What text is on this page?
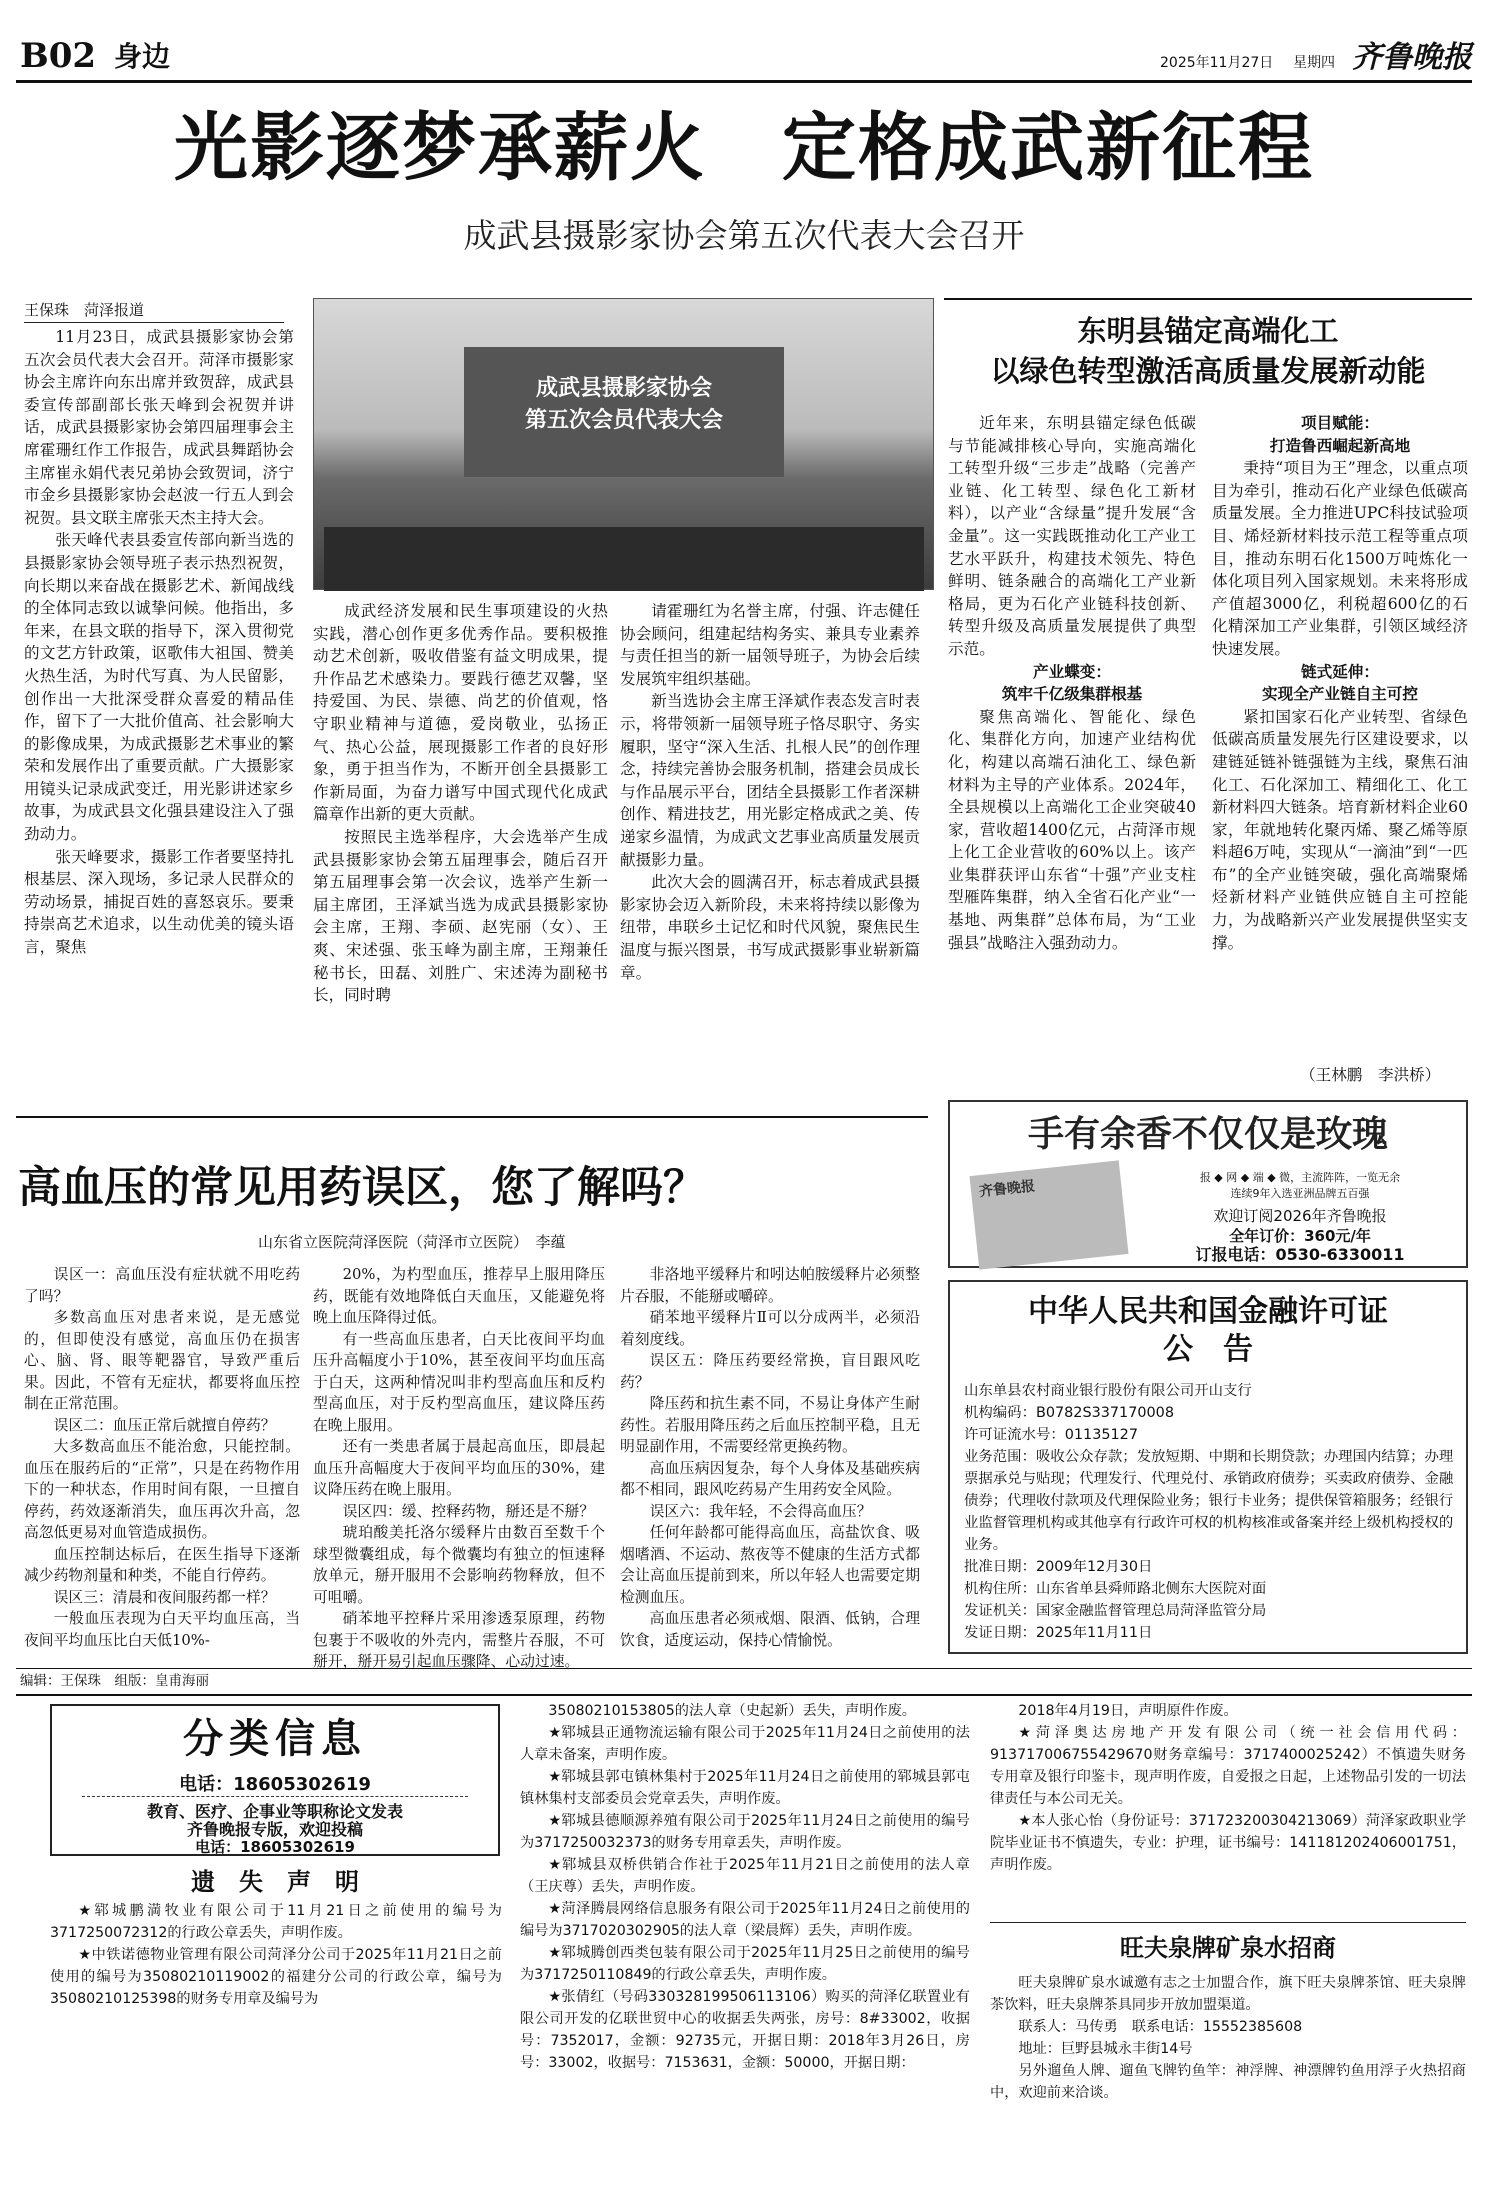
B02 身边	2025年11月27日 星期四 齐鲁晚报
光影逐梦承薪火　定格成武新征程
成武县摄影家协会第五次代表大会召开
王保珠　菏泽报道
成武县摄影家协会
第五次会员代表大会

11月23日，成武县摄影家协会第五次会员代表大会召开。菏泽市摄影家协会主席许向东出席并致贺辞，成武县委宣传部副部长张天峰到会祝贺并讲话，成武县摄影家协会第四届理事会主席霍珊红作工作报告，成武县舞蹈协会主席崔永娟代表兄弟协会致贺词，济宁市金乡县摄影家协会赵波一行五人到会祝贺。县文联主席张天杰主持大会。

张天峰代表县委宣传部向新当选的县摄影家协会领导班子表示热烈祝贺，向长期以来奋战在摄影艺术、新闻战线的全体同志致以诚挚问候。他指出，多年来，在县文联的指导下，深入贯彻党的文艺方针政策，讴歌伟大祖国、赞美火热生活，为时代写真、为人民留影，创作出一大批深受群众喜爱的精品佳作，留下了一大批价值高、社会影响大的影像成果，为成武摄影艺术事业的繁荣和发展作出了重要贡献。广大摄影家用镜头记录成武变迁，用光影讲述家乡故事，为成武县文化强县建设注入了强劲动力。

张天峰要求，摄影工作者要坚持扎根基层、深入现场，多记录人民群众的劳动场景，捕捉百姓的喜怒哀乐。要秉持崇高艺术追求，以生动优美的镜头语言，聚焦

成武经济发展和民生事项建设的火热实践，潜心创作更多优秀作品。要积极推动艺术创新，吸收借鉴有益文明成果，提升作品艺术感染力。要践行德艺双馨，坚持爱国、为民、崇德、尚艺的价值观，恪守职业精神与道德，爱岗敬业，弘扬正气、热心公益，展现摄影工作者的良好形象，勇于担当作为，不断开创全县摄影工作新局面，为奋力谱写中国式现代化成武篇章作出新的更大贡献。

按照民主选举程序，大会选举产生成武县摄影家协会第五届理事会，随后召开第五届理事会第一次会议，选举产生新一届主席团，王泽斌当选为成武县摄影家协会主席，王翔、李硕、赵宪丽（女）、王爽、宋述强、张玉峰为副主席，王翔兼任秘书长，田磊、刘胜广、宋述涛为副秘书长，同时聘

请霍珊红为名誉主席，付强、许志健任协会顾问，组建起结构务实、兼具专业素养与责任担当的新一届领导班子，为协会后续发展筑牢组织基础。

新当选协会主席王泽斌作表态发言时表示，将带领新一届领导班子恪尽职守、务实履职，坚守“深入生活、扎根人民”的创作理念，持续完善协会服务机制，搭建会员成长与作品展示平台，团结全县摄影工作者深耕创作、精进技艺，用光影定格成武之美、传递家乡温情，为成武文艺事业高质量发展贡献摄影力量。

此次大会的圆满召开，标志着成武县摄影家协会迈入新阶段，未来将持续以影像为纽带，串联乡土记忆和时代风貌，聚焦民生温度与振兴图景，书写成武摄影事业崭新篇章。

东明县锚定高端化工
以绿色转型激活高质量发展新动能

近年来，东明县锚定绿色低碳与节能减排核心导向，实施高端化工转型升级“三步走”战略（完善产业链、化工转型、绿色化工新材料），以产业“含绿量”提升发展“含金量”。这一实践既推动化工产业工艺水平跃升，构建技术领先、特色鲜明、链条融合的高端化工产业新格局，更为石化产业链科技创新、转型升级及高质量发展提供了典型示范。

产业蝶变：

筑牢千亿级集群根基

聚焦高端化、智能化、绿色化、集群化方向，加速产业结构优化，构建以高端石油化工、绿色新材料为主导的产业体系。2024年，全县规模以上高端化工企业突破40家，营收超1400亿元，占菏泽市规上化工企业营收的60%以上。该产业集群获评山东省“十强”产业支柱型雁阵集群，纳入全省石化产业“一基地、两集群”总体布局，为“工业强县”战略注入强劲动力。

项目赋能：

打造鲁西崛起新高地

秉持“项目为王”理念，以重点项目为牵引，推动石化产业绿色低碳高质量发展。全力推进UPC科技试验项目、烯烃新材料技示范工程等重点项目，推动东明石化1500万吨炼化一体化项目列入国家规划。未来将形成产值超3000亿，利税超600亿的石化精深加工产业集群，引领区域经济快速发展。

链式延伸：

实现全产业链自主可控

紧扣国家石化产业转型、省绿色低碳高质量发展先行区建设要求，以建链延链补链强链为主线，聚焦石油化工、石化深加工、精细化工、化工新材料四大链条。培育新材料企业60家，年就地转化聚丙烯、聚乙烯等原料超6万吨，实现从“一滴油”到“一匹布”的全产业链突破，强化高端聚烯烃新材料产业链供应链自主可控能力，为战略新兴产业发展提供坚实支撑。

（王林鹏　李洪桥）
手有余香不仅仅是玫瑰
齐鲁晚报
报 ◆ 网 ◆ 端 ◆ 微，主流阵阵，一览无余
连续9年入选亚洲品牌五百强
欢迎订阅2026年齐鲁晚报
全年订价：360元/年
订报电话：0530-6330011
高血压的常见用药误区，您了解吗？
山东省立医院菏泽医院（菏泽市立医院）　李蕴

误区一：高血压没有症状就不用吃药了吗？

多数高血压对患者来说，是无感觉的，但即使没有感觉，高血压仍在损害心、脑、肾、眼等靶器官，导致严重后果。因此，不管有无症状，都要将血压控制在正常范围。

误区二：血压正常后就擅自停药？

大多数高血压不能治愈，只能控制。血压在服药后的“正常”，只是在药物作用下的一种状态，作用时间有限，一旦擅自停药，药效逐渐消失，血压再次升高，忽高忽低更易对血管造成损伤。

血压控制达标后，在医生指导下逐渐减少药物剂量和种类，不能自行停药。

误区三：清晨和夜间服药都一样？

一般血压表现为白天平均血压高，当夜间平均血压比白天低10%-

20%，为杓型血压，推荐早上服用降压药，既能有效地降低白天血压，又能避免将晚上血压降得过低。

有一些高血压患者，白天比夜间平均血压升高幅度小于10%，甚至夜间平均血压高于白天，这两种情况叫非杓型高血压和反杓型高血压，对于反杓型高血压，建议降压药在晚上服用。

还有一类患者属于晨起高血压，即晨起血压升高幅度大于夜间平均血压的30%，建议降压药在晚上服用。

误区四：缓、控释药物，掰还是不掰？

琥珀酸美托洛尔缓释片由数百至数千个球型微囊组成，每个微囊均有独立的恒速释放单元，掰开服用不会影响药物释放，但不可咀嚼。

硝苯地平控释片采用渗透泵原理，药物包裹于不吸收的外壳内，需整片吞服，不可掰开，掰开易引起血压骤降、心动过速。

非洛地平缓释片和吲达帕胺缓释片必须整片吞服，不能掰或嚼碎。

硝苯地平缓释片Ⅱ可以分成两半，必须沿着刻度线。

误区五：降压药要经常换，盲目跟风吃药？

降压药和抗生素不同，不易让身体产生耐药性。若服用降压药之后血压控制平稳，且无明显副作用，不需要经常更换药物。

高血压病因复杂，每个人身体及基础疾病都不相同，跟风吃药易产生用药安全风险。

误区六：我年轻，不会得高血压？

任何年龄都可能得高血压，高盐饮食、吸烟嗜酒、不运动、熬夜等不健康的生活方式都会让高血压提前到来，所以年轻人也需要定期检测血压。

高血压患者必须戒烟、限酒、低钠，合理饮食，适度运动，保持心情愉悦。

中华人民共和国金融许可证
公　告
山东单县农村商业银行股份有限公司开山支行
机构编码：B0782S337170008
许可证流水号：01135127
业务范围：吸收公众存款；发放短期、中期和长期贷款；办理国内结算；办理票据承兑与贴现；代理发行、代理兑付、承销政府债券；买卖政府债券、金融债券；代理收付款项及代理保险业务；银行卡业务；提供保管箱服务；经银行业监督管理机构或其他享有行政许可权的机构核准或备案并经上级机构授权的业务。
批准日期：2009年12月30日
机构住所：山东省单县舜师路北侧东大医院对面
发证机关：国家金融监督管理总局菏泽监管分局
发证日期：2025年11月11日
编辑：王保珠　组版：皇甫海丽
分类信息
电话：18605302619
教育、医疗、企事业等职称论文发表
齐鲁晚报专版，欢迎投稿
电话：18605302619
遗　失　声　明

★郓城鹏満牧业有限公司于11月21日之前使用的编号为3717250072312的行政公章丢失，声明作废。

★中铁诺德物业管理有限公司菏泽分公司于2025年11月21日之前使用的编号为3508021011900​2的福建分公司的行政公章，编号为3508021012539​8的财务专用章及编号为

3508021015380​5的法人章（史起新）丢失，声明作废。

★郓城县正通物流运输有限公司于2025年11月24日之前使用的法人章未备案，声明作废。

★郓城县郭屯镇林集村于2025年11月24日之前使用的郓城县郭屯镇林集村支部委员会党章丢失，声明作废。

★郓城县德顺源养殖有限公司于2025年11月24日之前使用的编号为3717250032373的财务专用章丢失，声明作废。

★郓城县双桥供销合作社于2025年11月21日之前使用的法人章（王庆尊）丢失，声明作废。

★菏泽腾晨网络信息服务有限公司于2025年11月24日之前使用的编号为3717020302905的法人章（梁晨辉）丢失，声明作废。

★郓城腾创西类包装有限公司于2025年11月25日之前使用的编号为3717250110849的行政公章丢失，声明作废。

★张倩红（号码33032819950​6113106）购买的菏泽亿联置业有限公司开发的亿联世贸中心的收据丢失两张，房号：8#33002，收据号：7352017，金额：92735元，开据日期：2018年3月26日，房号：33002，收据号：7153631，金额：50000，开据日期：

2018年4月19日，声明原件作废。

★菏泽奥达房地产开发有限公司（统一社会信用代码：91371700675542967​0财务章编号：3717400025242）不慎遗失财务专用章及银行印鉴卡，现声明作废，自爱报之日起，上述物品引发的一切法律责任与本公司无关。

★本人张心怡（身份证号：37172320030421306​9）菏泽家政职业学院毕业证书不慎遗失，专业：护理，证书编号：14118120240600175​1，声明作废。

旺夫泉牌矿泉水招商

旺夫泉牌矿泉水诚邀有志之士加盟合作，旗下旺夫泉牌茶馆、旺夫泉牌茶饮料，旺夫泉牌茶具同步开放加盟渠道。

联系人：马传勇　联系电话：15552385608

地址：巨野县城永丰街14号

另外遛鱼人牌、遛鱼飞牌钓鱼竿：神浮牌、神漂牌钓鱼用浮子火热招商中，欢迎前来洽谈。
